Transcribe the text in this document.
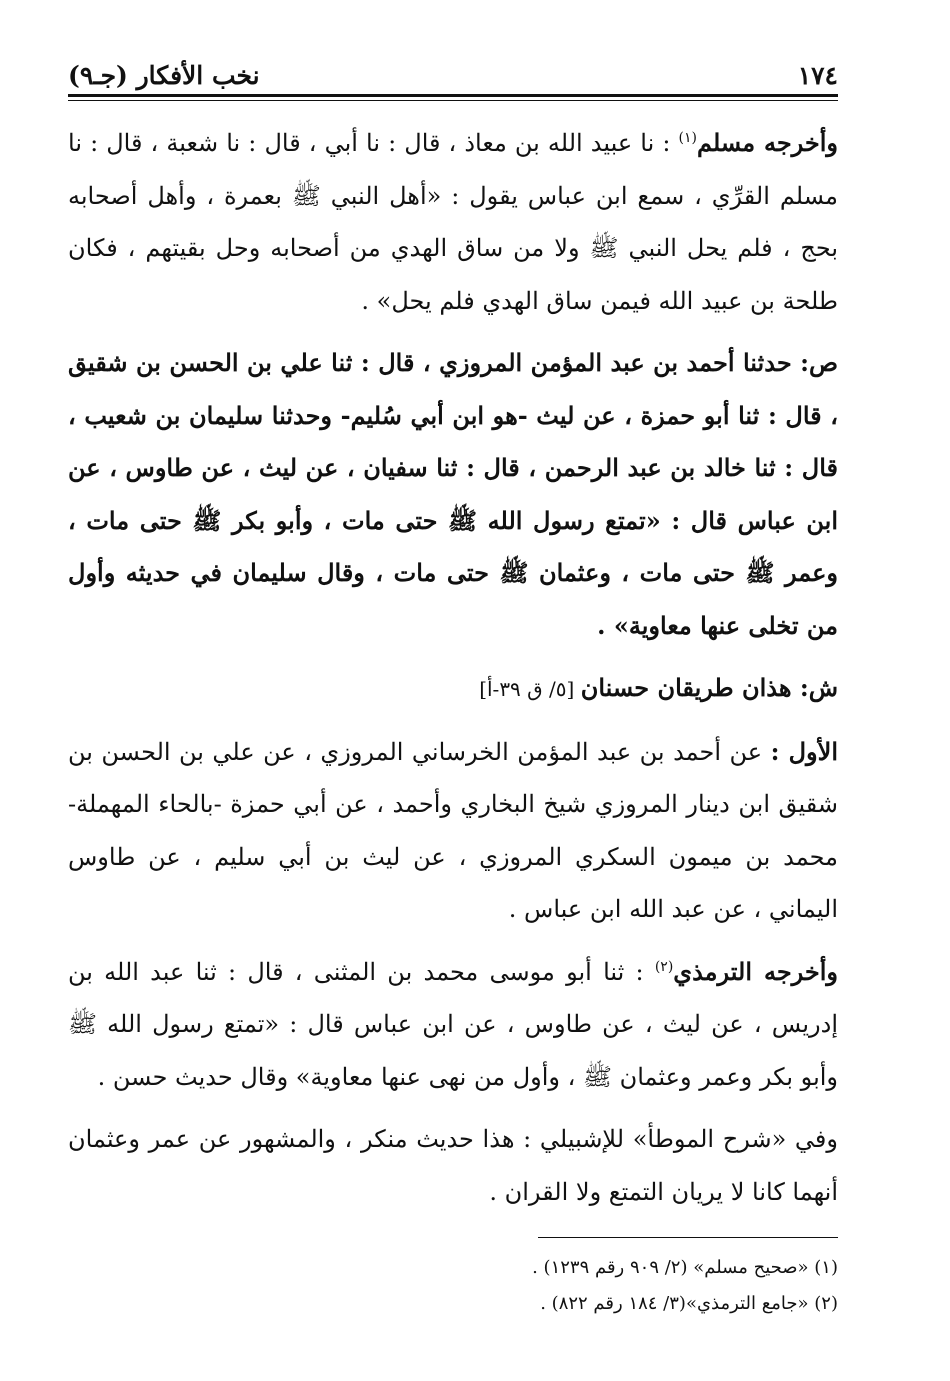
١٧٤
نخب الأفكار (جـ٩)

وأخرجه مسلم$^{(١)}$ : نا عبيد الله بن معاذ ، قال : نا أبي ، قال : نا شعبة ، قال : نا مسلم القرِّي ، سمع ابن عباس يقول : «أهل النبي ﷺ بعمرة ، وأهل أصحابه بحج ، فلم يحل النبي ﷺ ولا من ساق الهدي من أصحابه وحل بقيتهم ، فكان طلحة بن عبيد الله فيمن ساق الهدي فلم يحل» .

ص: حدثنا أحمد بن عبد المؤمن المروزي ، قال : ثنا علي بن الحسن بن شقيق ، قال : ثنا أبو حمزة ، عن ليث -هو ابن أبي سُليم- وحدثنا سليمان بن شعيب ، قال : ثنا خالد بن عبد الرحمن ، قال : ثنا سفيان ، عن ليث ، عن طاوس ، عن ابن عباس قال : «تمتع رسول الله ﷺ حتى مات ، وأبو بكر ﷺ حتى مات ، وعمر ﷺ حتى مات ، وعثمان ﷺ حتى مات ، وقال سليمان في حديثه وأول من تخلى عنها معاوية» .

ش: هذان طريقان حسنان [٥/ ق ٣٩-أ]

الأول : عن أحمد بن عبد المؤمن الخرساني المروزي ، عن علي بن الحسن بن شقيق ابن دينار المروزي شيخ البخاري وأحمد ، عن أبي حمزة -بالحاء المهملة- محمد بن ميمون السكري المروزي ، عن ليث بن أبي سليم ، عن طاوس اليماني ، عن عبد الله ابن عباس .

وأخرجه الترمذي$^{(٢)}$ : ثنا أبو موسى محمد بن المثنى ، قال : ثنا عبد الله بن إدريس ، عن ليث ، عن طاوس ، عن ابن عباس قال : «تمتع رسول الله ﷺ وأبو بكر وعمر وعثمان ﷺ ، وأول من نهى عنها معاوية» وقال حديث حسن .

وفي «شرح الموطأ» للإشبيلي : هذا حديث منكر ، والمشهور عن عمر وعثمان أنهما كانا لا يريان التمتع ولا القران .

(١) «صحيح مسلم» (٢/ ٩٠٩ رقم ١٢٣٩) .

(٢) «جامع الترمذي»(٣/ ١٨٤ رقم ٨٢٢) .
